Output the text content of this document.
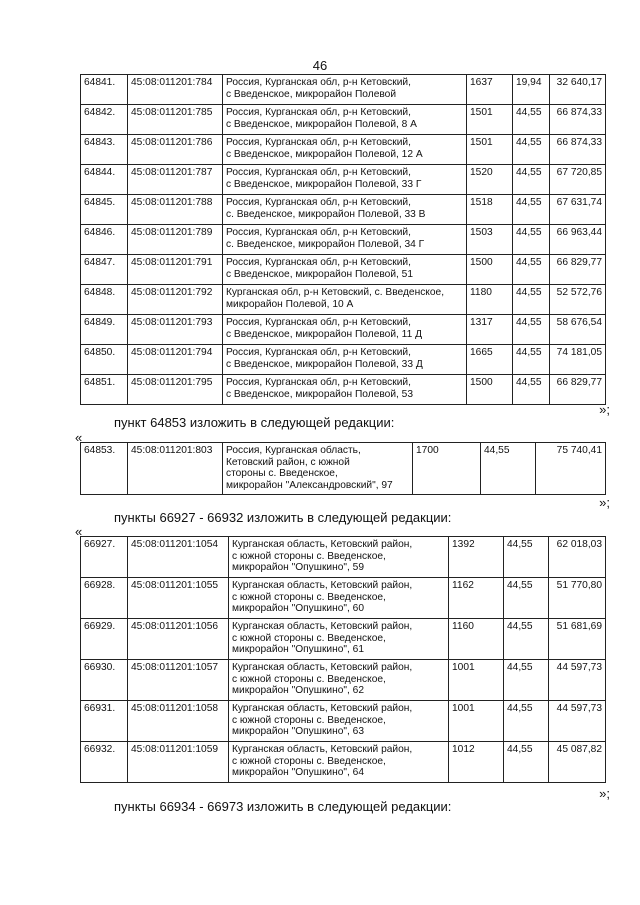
46
64841.	45:08:011201:784	Россия, Курганская обл, р-н Кетовский,
с Введенское, микрорайон Полевой	1637	19,94	32 640,17
64842.	45:08:011201:785	Россия, Курганская обл, р-н Кетовский,
с Введенское, микрорайон Полевой, 8 А	1501	44,55	66 874,33
64843.	45:08:011201:786	Россия, Курганская обл, р-н Кетовский,
с Введенское, микрорайон Полевой, 12 А	1501	44,55	66 874,33
64844.	45:08:011201:787	Россия, Курганская обл, р-н Кетовский,
с Введенское, микрорайон Полевой, 33 Г	1520	44,55	67 720,85
64845.	45:08:011201:788	Россия, Курганская обл, р-н Кетовский,
с. Введенское, микрорайон Полевой, 33 В	1518	44,55	67 631,74
64846.	45:08:011201:789	Россия, Курганская обл, р-н Кетовский,
с. Введенское, микрорайон Полевой, 34 Г	1503	44,55	66 963,44
64847.	45:08:011201:791	Россия, Курганская обл, р-н Кетовский,
с Введенское, микрорайон Полевой, 51	1500	44,55	66 829,77
64848.	45:08:011201:792	Курганская обл, р-н Кетовский, с. Введенское,
микрорайон Полевой, 10 А	1180	44,55	52 572,76
64849.	45:08:011201:793	Россия, Курганская обл, р-н Кетовский,
с Введенское, микрорайон Полевой, 11 Д	1317	44,55	58 676,54
64850.	45:08:011201:794	Россия, Курганская обл, р-н Кетовский,
с Введенское, микрорайон Полевой, 33 Д	1665	44,55	74 181,05
64851.	45:08:011201:795	Россия, Курганская обл, р-н Кетовский,
с Введенское, микрорайон Полевой, 53	1500	44,55	66 829,77
»;
пункт 64853 изложить в следующей редакции:
«
64853.	45:08:011201:803	Россия, Курганская область,
Кетовский район, с южной
стороны с. Введенское,
микрорайон "Александровский", 97	1700	44,55	75 740,41
»;
пункты 66927 - 66932 изложить в следующей редакции:
«
66927.	45:08:011201:1054	Курганская область, Кетовский район,
с южной стороны с. Введенское,
микрорайон "Опушкино", 59	1392	44,55	62 018,03
66928.	45:08:011201:1055	Курганская область, Кетовский район,
с южной стороны с. Введенское,
микрорайон "Опушкино", 60	1162	44,55	51 770,80
66929.	45:08:011201:1056	Курганская область, Кетовский район,
с южной стороны с. Введенское,
микрорайон "Опушкино", 61	1160	44,55	51 681,69
66930.	45:08:011201:1057	Курганская область, Кетовский район,
с южной стороны с. Введенское,
микрорайон "Опушкино", 62	1001	44,55	44 597,73
66931.	45:08:011201:1058	Курганская область, Кетовский район,
с южной стороны с. Введенское,
микрорайон "Опушкино", 63	1001	44,55	44 597,73
66932.	45:08:011201:1059	Курганская область, Кетовский район,
с южной стороны с. Введенское,
микрорайон "Опушкино", 64	1012	44,55	45 087,82
»;
пункты 66934 - 66973 изложить в следующей редакции:
